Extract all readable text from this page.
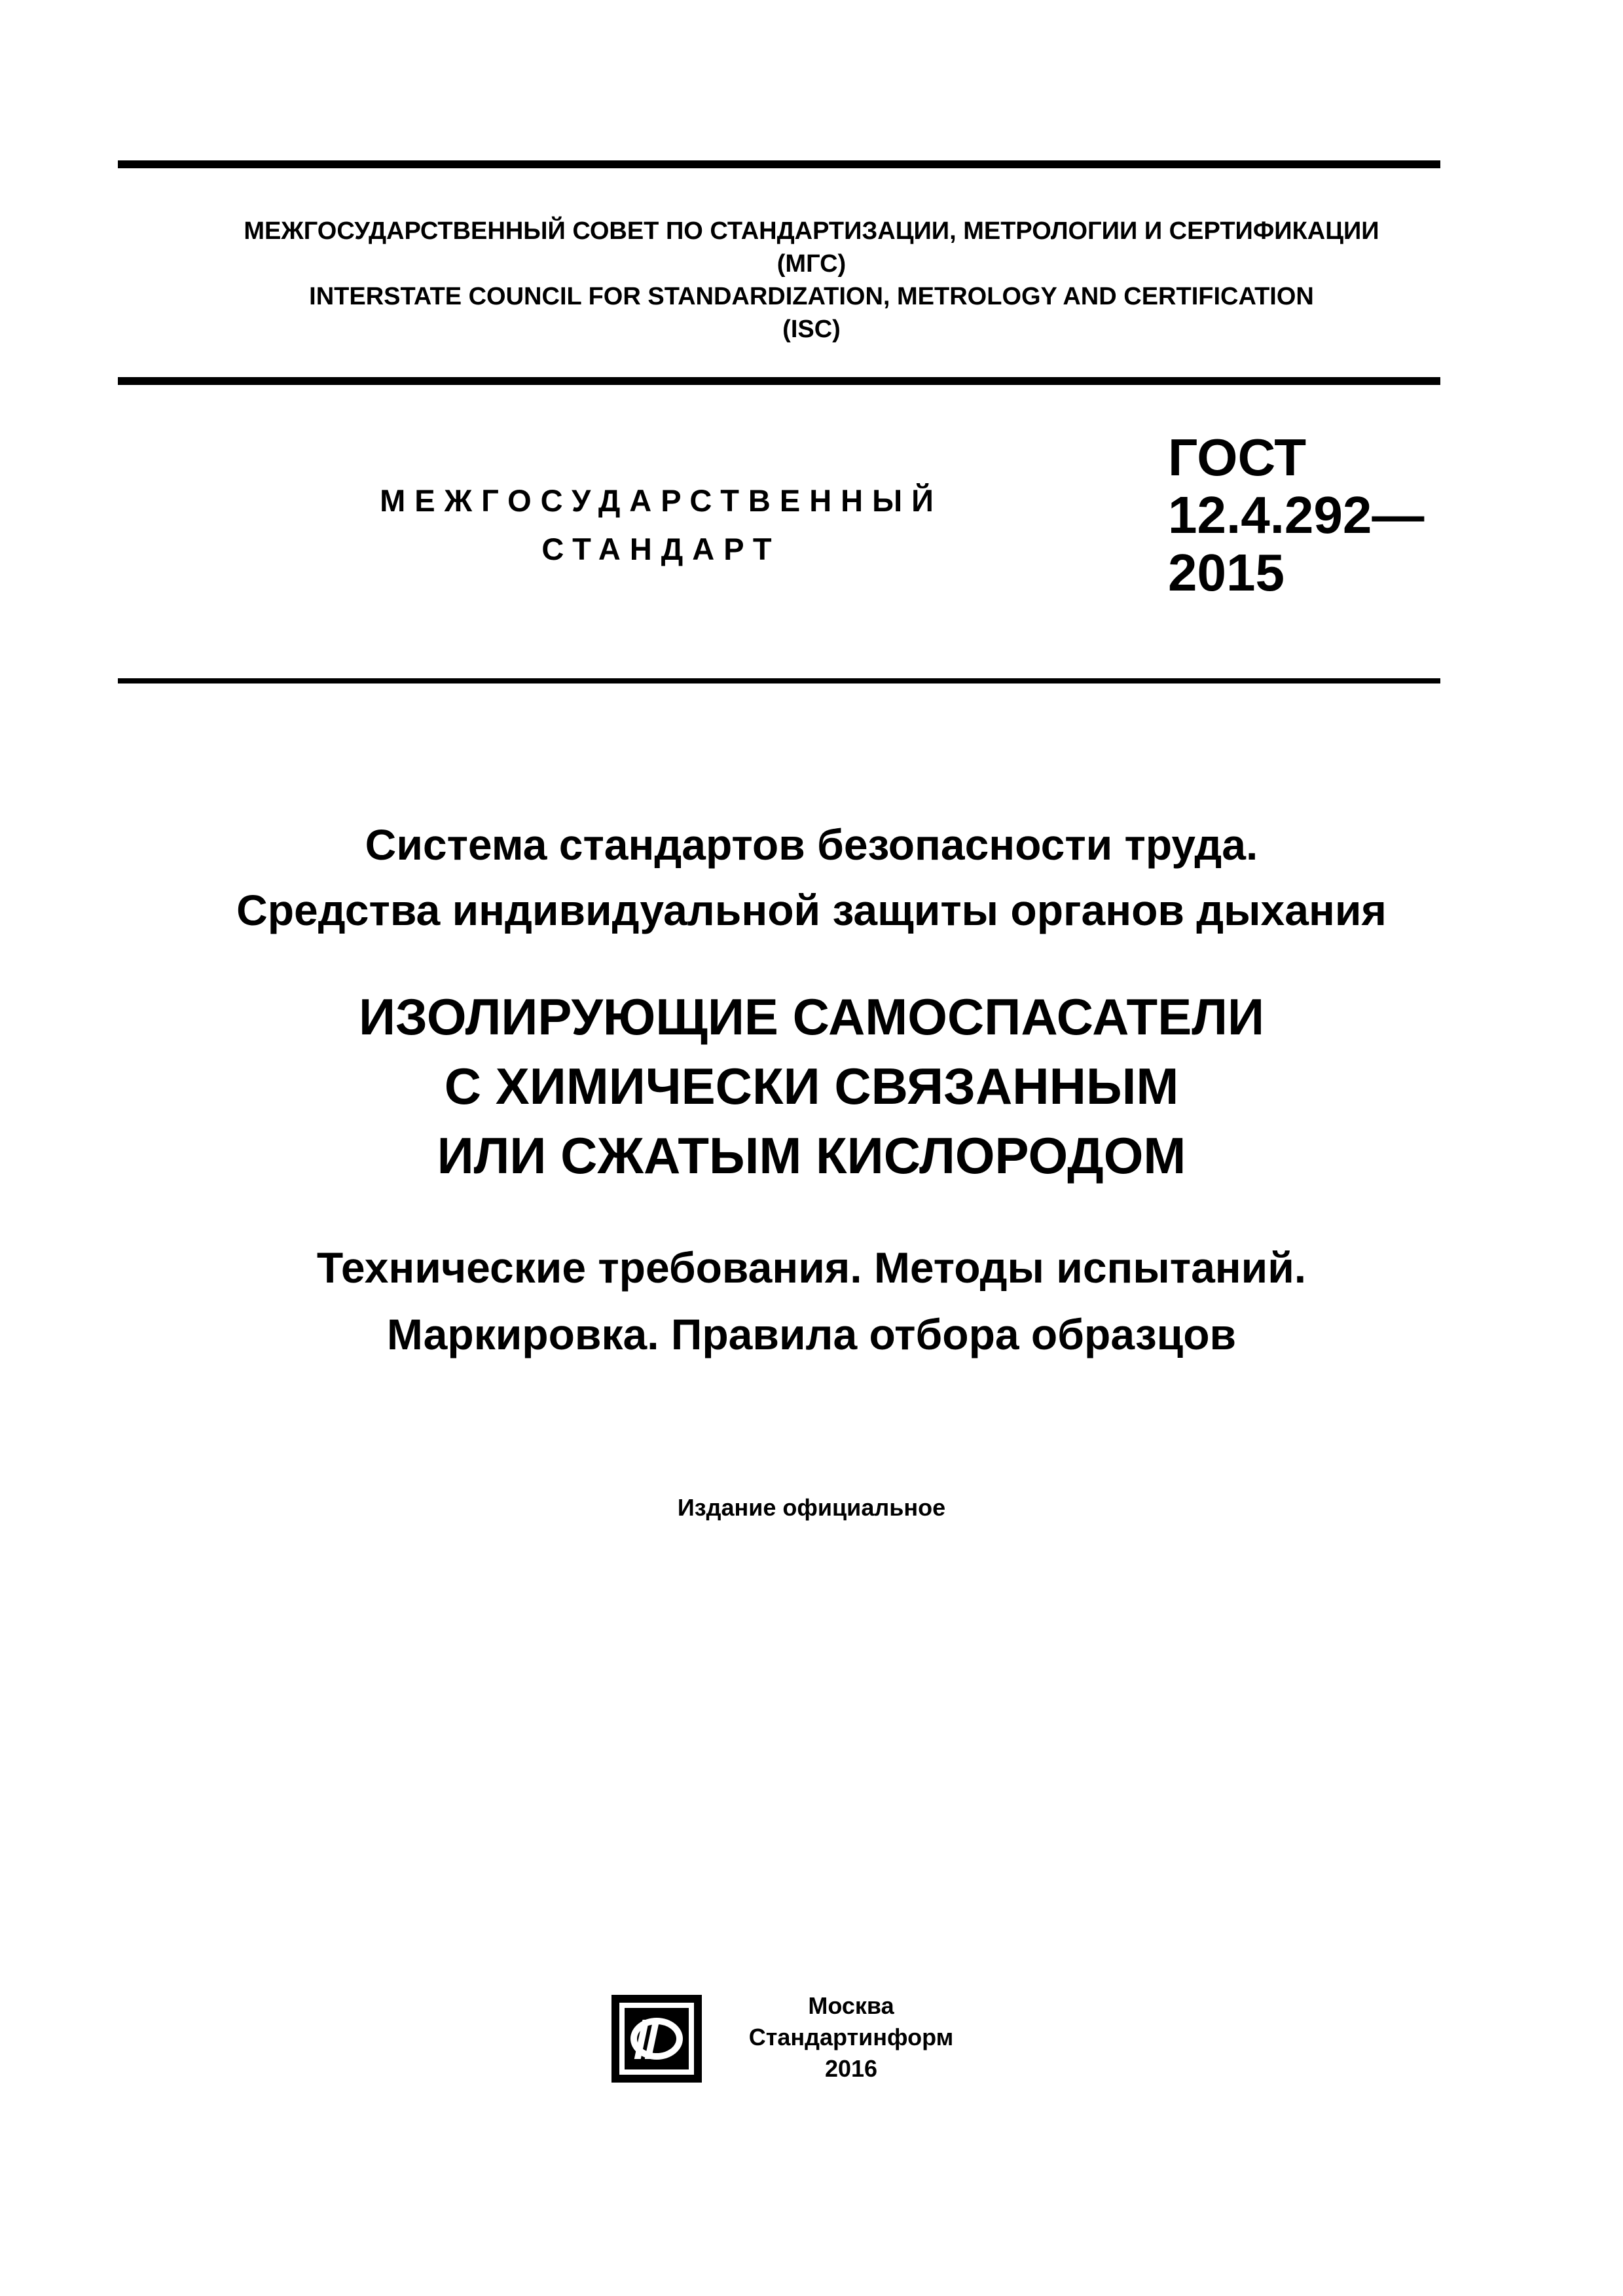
МЕЖГОСУДАРСТВЕННЫЙ СОВЕТ ПО СТАНДАРТИЗАЦИИ, МЕТРОЛОГИИ И СЕРТИФИКАЦИИ
(МГС)
INTERSTATE COUNCIL FOR STANDARDIZATION, METROLOGY AND CERTIFICATION
(ISC)
МЕЖГОСУДАРСТВЕННЫЙ
СТАНДАРТ
ГОСТ
12.4.292—
2015
Система стандартов безопасности труда.
Средства индивидуальной защиты органов дыхания
ИЗОЛИРУЮЩИЕ САМОСПАСАТЕЛИ
С ХИМИЧЕСКИ СВЯЗАННЫМ
ИЛИ СЖАТЫМ КИСЛОРОДОМ
Технические требования. Методы испытаний.
Маркировка. Правила отбора образцов
Издание официальное
Москва
Стандартинформ
2016
